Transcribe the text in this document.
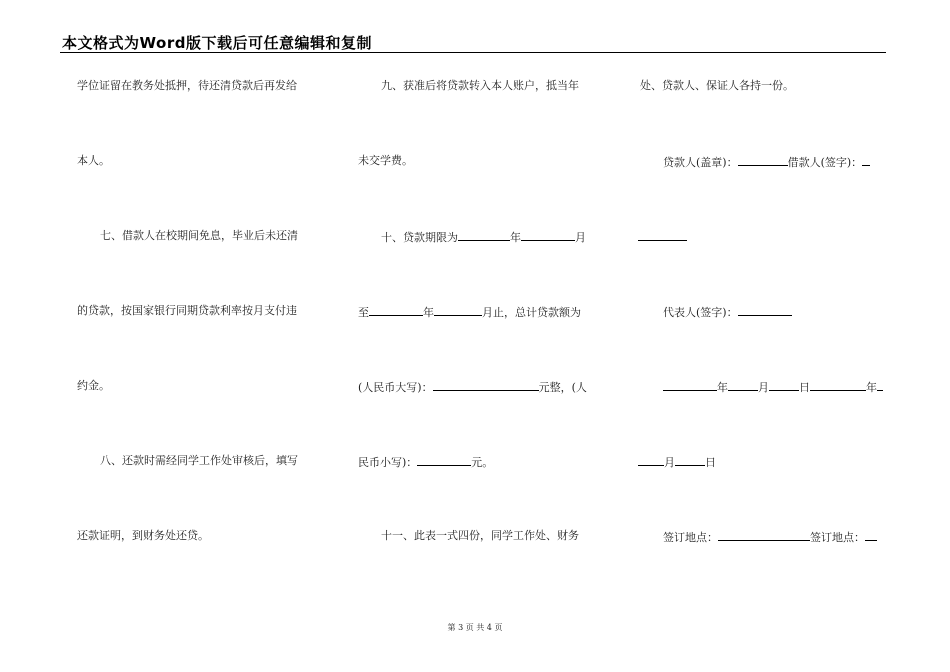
本文格式为Word版下载后可任意编辑和复制
学位证留在教务处抵押，待还清贷款后再发给
本人。
七、借款人在校期间免息，毕业后未还清
的贷款，按国家银行同期贷款利率按月支付违
约金。
八、还款时需经同学工作处审核后，填写
还款证明，到财务处还贷。
九、获准后将贷款转入本人账户，抵当年
未交学费。
十、贷款期限为	年	月
至	年	月止，总计贷款额为
(人民币大写)：	元整，(人
民币小写)：	元。
十一、此表一式四份，同学工作处、财务
处、贷款人、保证人各持一份。
贷款人(盖章)：	借款人(签字)：
代表人(签字)：
年	月	日	年
月	日
签订地点：	签订地点：
第 3 页 共 4 页
